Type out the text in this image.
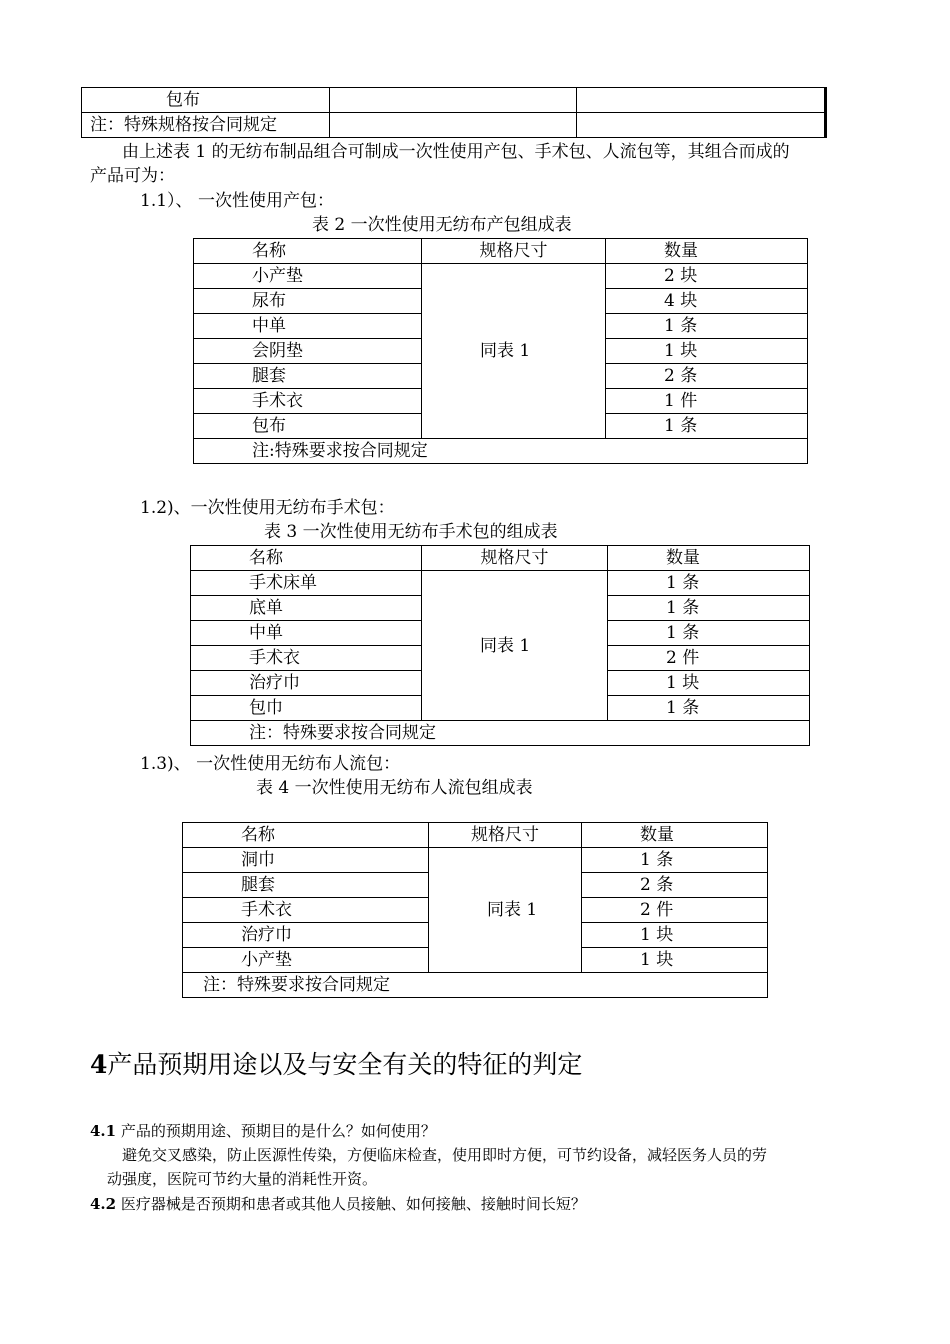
包布		
注：特殊规格按合同规定		
由上述表 1 的无纺布制品组合可制成一次性使用产包、手术包、人流包等，其组合而成的
产品可为：
1.1）、 一次性使用产包：
表 2 一次性使用无纺布产包组成表
名称	规格尺寸	数量
小产垫	同表 1	2 块
尿布		4 块
中单		1 条
会阴垫		1 块
腿套		2 条
手术衣		1 件
包布		1 条
注:特殊要求按合同规定		
1.2)、一次性使用无纺布手术包：
表 3 一次性使用无纺布手术包的组成表
名称	规格尺寸	数量
手术床单	同表 1	1 条
底单		1 条
中单		1 条
手术衣		2 件
治疗巾		1 块
包巾		1 条
注：特殊要求按合同规定		
1.3)、 一次性使用无纺布人流包：
表 4 一次性使用无纺布人流包组成表
名称	规格尺寸	数量
洞巾	同表 1	1 条
腿套		2 条
手术衣		2 件
治疗巾		1 块
小产垫		1 块
注：特殊要求按合同规定		
4产品预期用途以及与安全有关的特征的判定
4.1 产品的预期用途、预期目的是什么？如何使用？
避免交叉感染，防止医源性传染，方便临床检查，使用即时方便，可节约设备，减轻医务人员的劳
动强度，医院可节约大量的消耗性开资。
4.2 医疗器械是否预期和患者或其他人员接触、如何接触、接触时间长短？
